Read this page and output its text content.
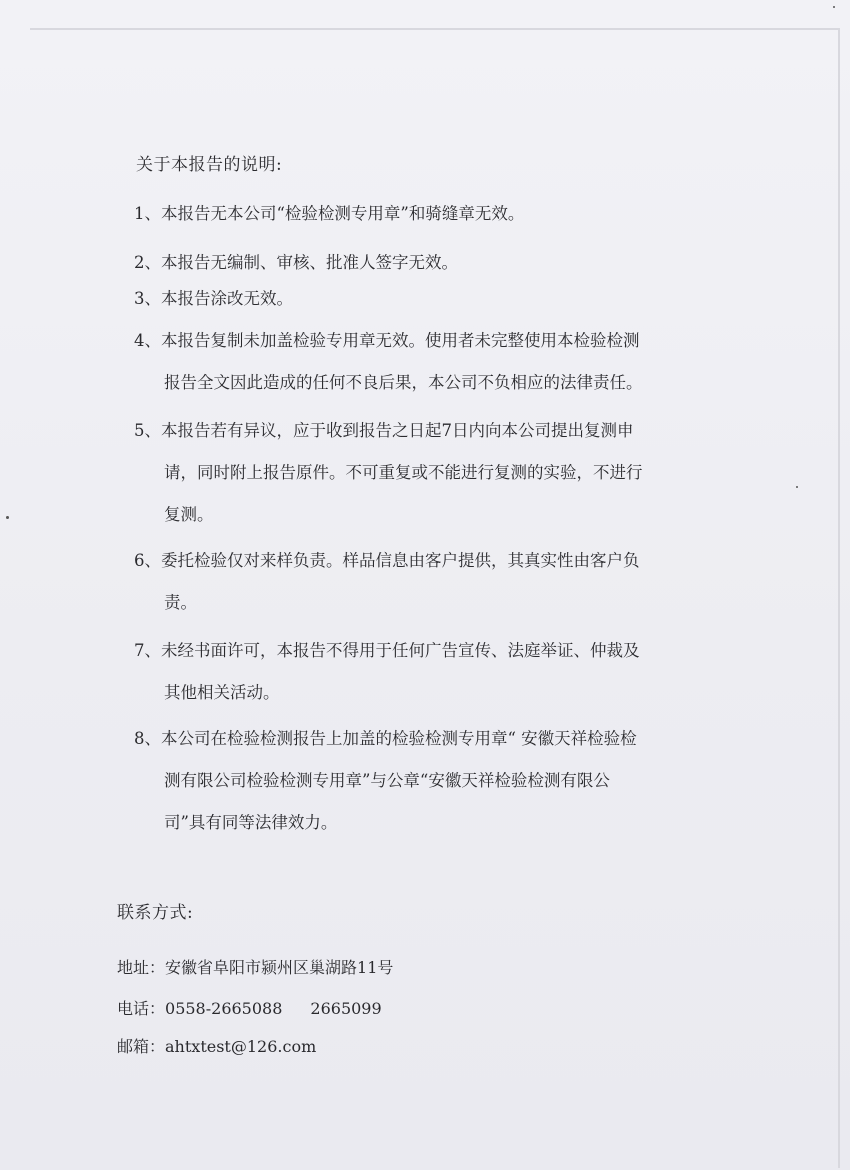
关于本报告的说明:
1、本报告无本公司“检验检测专用章”和骑缝章无效。
2、本报告无编制、审核、批准人签字无效。
3、本报告涂改无效。
4、本报告复制未加盖检验专用章无效。使用者未完整使用本检验检测
报告全文因此造成的任何不良后果，本公司不负相应的法律责任。
5、本报告若有异议，应于收到报告之日起7日内向本公司提出复测申
请，同时附上报告原件。不可重复或不能进行复测的实验，不进行
复测。
6、委托检验仅对来样负责。样品信息由客户提供，其真实性由客户负
责。
7、未经书面许可，本报告不得用于任何广告宣传、法庭举证、仲裁及
其他相关活动。
8、本公司在检验检测报告上加盖的检验检测专用章“ 安徽天祥检验检
测有限公司检验检测专用章”与公章“安徽天祥检验检测有限公
司”具有同等法律效力。
联系方式:
地址：安徽省阜阳市颍州区巢湖路11号
电话：0558-2665088 2665099
邮箱：ahtxtest@126.com
